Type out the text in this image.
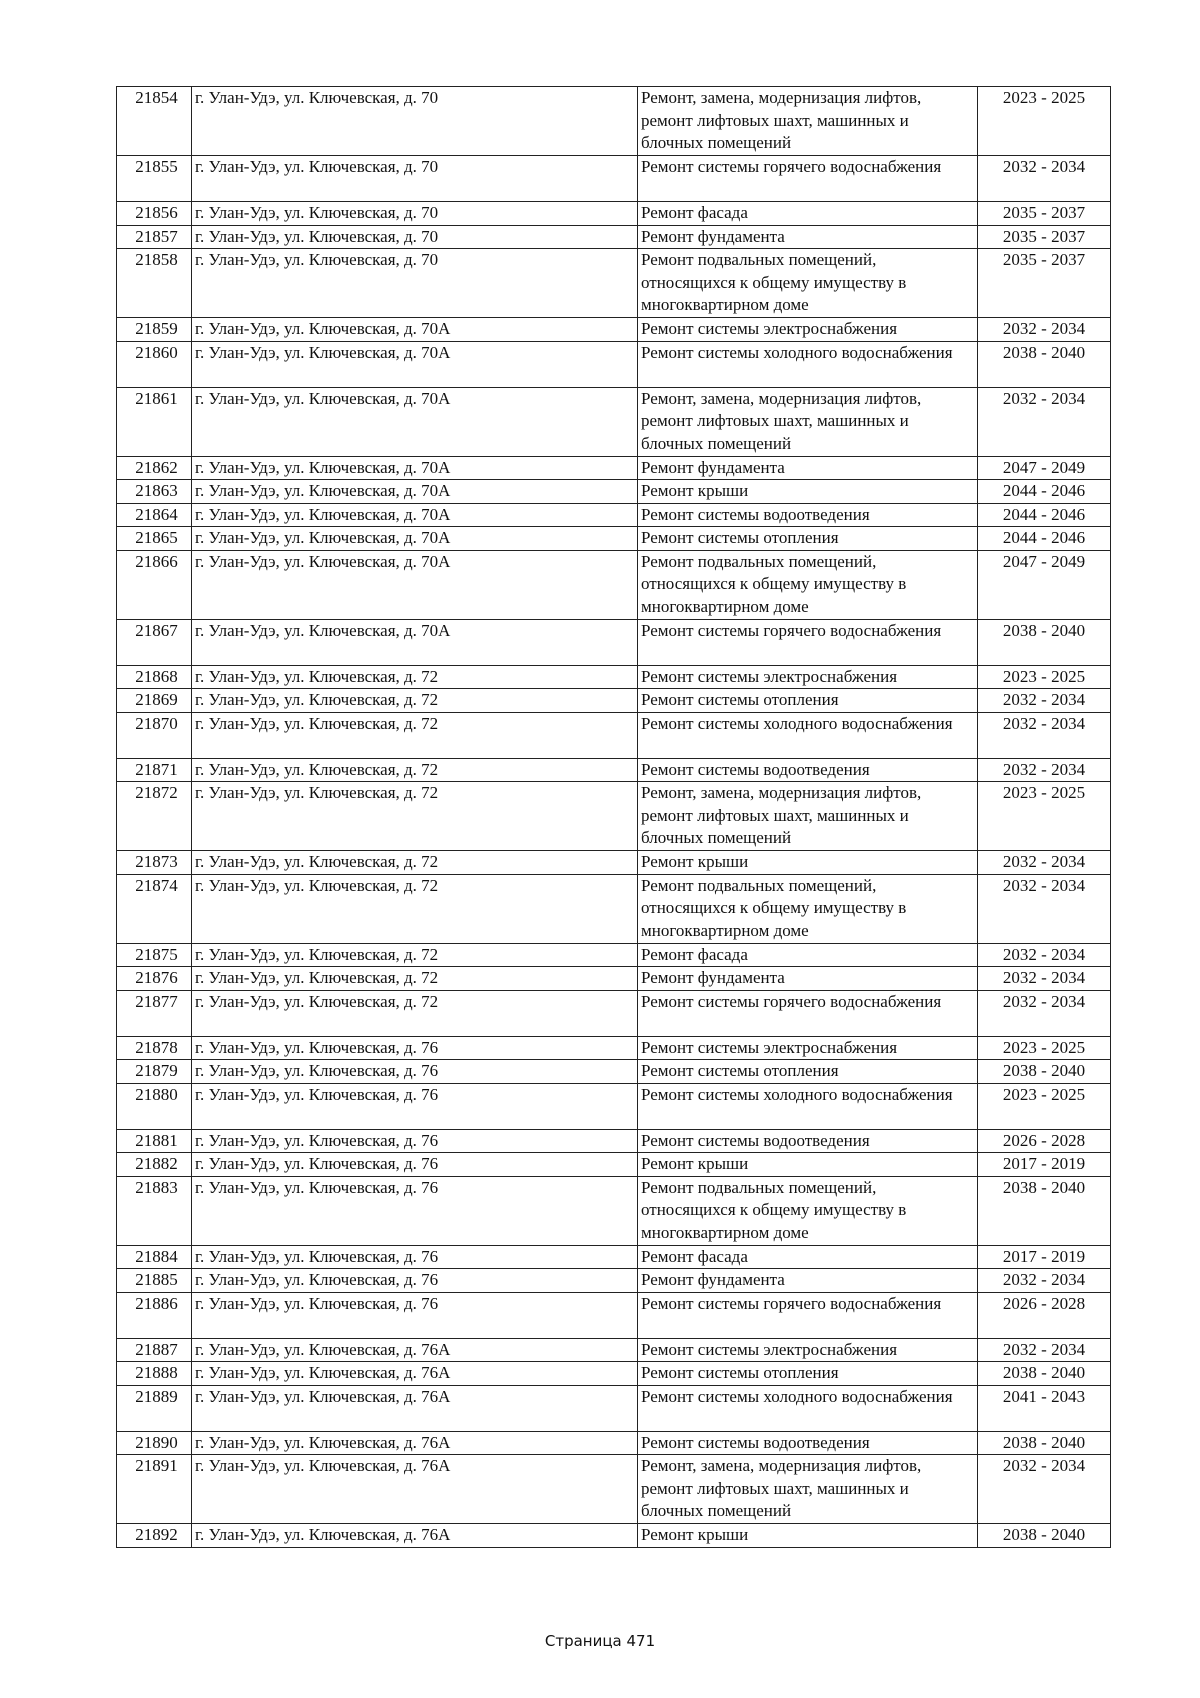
21854	г. Улан-Удэ, ул. Ключевская, д. 70	Ремонт, замена, модернизация лифтов, ремонт лифтовых шахт, машинных и блочных помещений	2023 - 2025
21855	г. Улан-Удэ, ул. Ключевская, д. 70	Ремонт системы горячего водоснабжения	2032 - 2034
21856	г. Улан-Удэ, ул. Ключевская, д. 70	Ремонт фасада	2035 - 2037
21857	г. Улан-Удэ, ул. Ключевская, д. 70	Ремонт фундамента	2035 - 2037
21858	г. Улан-Удэ, ул. Ключевская, д. 70	Ремонт подвальных помещений, относящихся к общему имуществу в многоквартирном доме	2035 - 2037
21859	г. Улан-Удэ, ул. Ключевская, д. 70А	Ремонт системы электроснабжения	2032 - 2034
21860	г. Улан-Удэ, ул. Ключевская, д. 70А	Ремонт системы холодного водоснабжения	2038 - 2040
21861	г. Улан-Удэ, ул. Ключевская, д. 70А	Ремонт, замена, модернизация лифтов, ремонт лифтовых шахт, машинных и блочных помещений	2032 - 2034
21862	г. Улан-Удэ, ул. Ключевская, д. 70А	Ремонт фундамента	2047 - 2049
21863	г. Улан-Удэ, ул. Ключевская, д. 70А	Ремонт крыши	2044 - 2046
21864	г. Улан-Удэ, ул. Ключевская, д. 70А	Ремонт системы водоотведения	2044 - 2046
21865	г. Улан-Удэ, ул. Ключевская, д. 70А	Ремонт системы отопления	2044 - 2046
21866	г. Улан-Удэ, ул. Ключевская, д. 70А	Ремонт подвальных помещений, относящихся к общему имуществу в многоквартирном доме	2047 - 2049
21867	г. Улан-Удэ, ул. Ключевская, д. 70А	Ремонт системы горячего водоснабжения	2038 - 2040
21868	г. Улан-Удэ, ул. Ключевская, д. 72	Ремонт системы электроснабжения	2023 - 2025
21869	г. Улан-Удэ, ул. Ключевская, д. 72	Ремонт системы отопления	2032 - 2034
21870	г. Улан-Удэ, ул. Ключевская, д. 72	Ремонт системы холодного водоснабжения	2032 - 2034
21871	г. Улан-Удэ, ул. Ключевская, д. 72	Ремонт системы водоотведения	2032 - 2034
21872	г. Улан-Удэ, ул. Ключевская, д. 72	Ремонт, замена, модернизация лифтов, ремонт лифтовых шахт, машинных и блочных помещений	2023 - 2025
21873	г. Улан-Удэ, ул. Ключевская, д. 72	Ремонт крыши	2032 - 2034
21874	г. Улан-Удэ, ул. Ключевская, д. 72	Ремонт подвальных помещений, относящихся к общему имуществу в многоквартирном доме	2032 - 2034
21875	г. Улан-Удэ, ул. Ключевская, д. 72	Ремонт фасада	2032 - 2034
21876	г. Улан-Удэ, ул. Ключевская, д. 72	Ремонт фундамента	2032 - 2034
21877	г. Улан-Удэ, ул. Ключевская, д. 72	Ремонт системы горячего водоснабжения	2032 - 2034
21878	г. Улан-Удэ, ул. Ключевская, д. 76	Ремонт системы электроснабжения	2023 - 2025
21879	г. Улан-Удэ, ул. Ключевская, д. 76	Ремонт системы отопления	2038 - 2040
21880	г. Улан-Удэ, ул. Ключевская, д. 76	Ремонт системы холодного водоснабжения	2023 - 2025
21881	г. Улан-Удэ, ул. Ключевская, д. 76	Ремонт системы водоотведения	2026 - 2028
21882	г. Улан-Удэ, ул. Ключевская, д. 76	Ремонт крыши	2017 - 2019
21883	г. Улан-Удэ, ул. Ключевская, д. 76	Ремонт подвальных помещений, относящихся к общему имуществу в многоквартирном доме	2038 - 2040
21884	г. Улан-Удэ, ул. Ключевская, д. 76	Ремонт фасада	2017 - 2019
21885	г. Улан-Удэ, ул. Ключевская, д. 76	Ремонт фундамента	2032 - 2034
21886	г. Улан-Удэ, ул. Ключевская, д. 76	Ремонт системы горячего водоснабжения	2026 - 2028
21887	г. Улан-Удэ, ул. Ключевская, д. 76А	Ремонт системы электроснабжения	2032 - 2034
21888	г. Улан-Удэ, ул. Ключевская, д. 76А	Ремонт системы отопления	2038 - 2040
21889	г. Улан-Удэ, ул. Ключевская, д. 76А	Ремонт системы холодного водоснабжения	2041 - 2043
21890	г. Улан-Удэ, ул. Ключевская, д. 76А	Ремонт системы водоотведения	2038 - 2040
21891	г. Улан-Удэ, ул. Ключевская, д. 76А	Ремонт, замена, модернизация лифтов, ремонт лифтовых шахт, машинных и блочных помещений	2032 - 2034
21892	г. Улан-Удэ, ул. Ключевская, д. 76А	Ремонт крыши	2038 - 2040
Страница 471
